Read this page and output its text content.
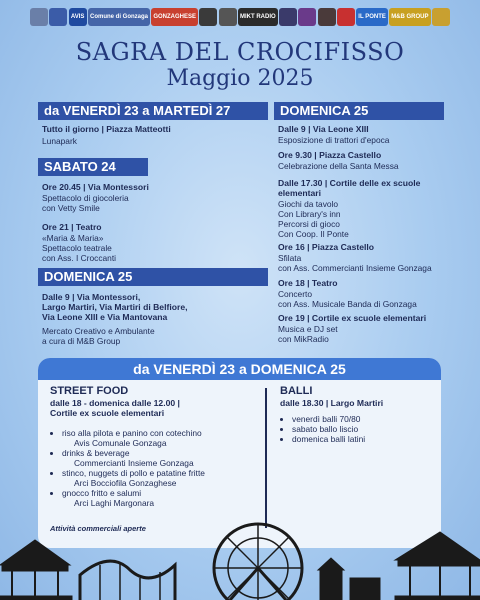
AVIS Comune di Gonzaga GONZAGHESE	MIKT RADIO	IL PONTE M&B GROUP
SAGRA DEL CROCIFISSO
Maggio 2025
da VENERDÌ 23 a MARTEDÌ 27
Tutto il giorno | Piazza Matteotti
Lunapark
SABATO 24
Ore 20.45 | Via Montessori
Spettacolo di giocoleria
con Vetty Smile
Ore 21 | Teatro
«Maria & Maria»
Spettacolo teatrale
con Ass. I Croccanti
DOMENICA 25
Dalle 9 | Via Montessori,
Largo Martiri, Via Martiri di Belfiore,
Via Leone XIII e Via Mantovana
Mercato Creativo e Ambulante
a cura di M&B Group
DOMENICA 25
Dalle 9 | Via Leone XIII
Esposizione di trattori d'epoca
Ore 9.30 | Piazza Castello
Celebrazione della Santa Messa
Dalle 17.30 | Cortile delle ex scuole
elementari
Giochi da tavolo
Con Library's inn
Percorsi di gioco
Con Coop. Il Ponte
Ore 16 | Piazza Castello
Sfilata
con Ass. Commercianti Insieme Gonzaga
Ore 18 | Teatro
Concerto
con Ass. Musicale Banda di Gonzaga
Ore 19 | Cortile ex scuole elementari
Musica e DJ set
con MikRadio
da VENERDÌ 23 a DOMENICA 25
STREET FOOD
dalle 18 - domenica dalle 12.00 |
Cortile ex scuole elementari
• riso alla pilota e panino con cotechino
Avis Comunale Gonzaga
• drinks & beverage
Commercianti Insieme Gonzaga
• stinco, nuggets di pollo e patatine fritte
Arci Bocciofila Gonzaghese
• gnocco fritto e salumi
Arci Laghi Margonara
Attività commerciali aperte
BALLI
dalle 18.30 | Largo Martiri
• venerdì balli 70/80
• sabato ballo liscio
• domenica balli latini
